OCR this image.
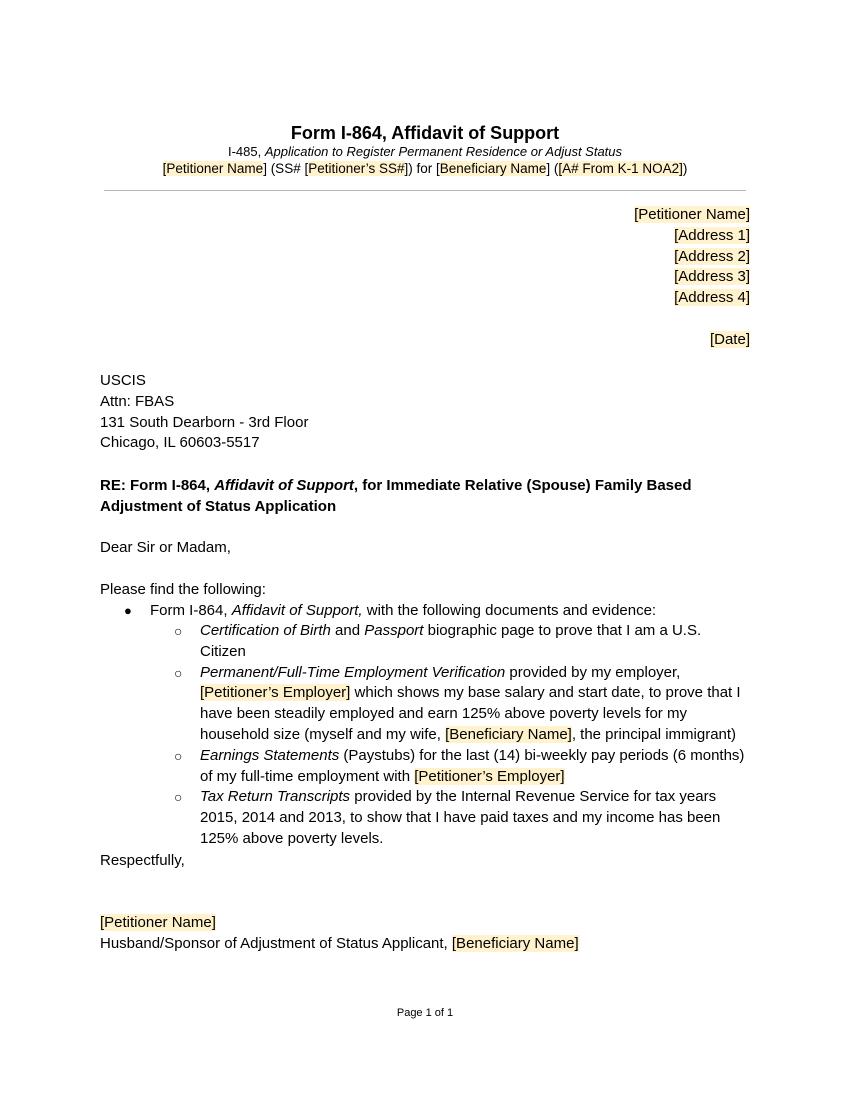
Form I-864, Affidavit of Support
I-485, Application to Register Permanent Residence or Adjust Status
[Petitioner Name] (SS# [Petitioner’s SS#]) for [Beneficiary Name] ([A# From K-1 NOA2])
[Petitioner Name]
[Address 1]
[Address 2]
[Address 3]
[Address 4]
[Date]
USCIS
Attn: FBAS
131 South Dearborn - 3rd Floor
Chicago, IL 60603-5517
RE: Form I-864, Affidavit of Support, for Immediate Relative (Spouse) Family Based Adjustment of Status Application
Dear Sir or Madam,
Please find the following:
● Form I-864, Affidavit of Support, with the following documents and evidence:
○ Certification of Birth and Passport biographic page to prove that I am a U.S. Citizen
○ Permanent/Full-Time Employment Verification provided by my employer, [Petitioner’s Employer] which shows my base salary and start date, to prove that I have been steadily employed and earn 125% above poverty levels for my household size (myself and my wife, [Beneficiary Name], the principal immigrant)
○ Earnings Statements (Paystubs) for the last (14) bi-weekly pay periods (6 months) of my full-time employment with [Petitioner’s Employer]
○ Tax Return Transcripts provided by the Internal Revenue Service for tax years 2015, 2014 and 2013, to show that I have paid taxes and my income has been 125% above poverty levels.
Respectfully,
[Petitioner Name]
Husband/Sponsor of Adjustment of Status Applicant, [Beneficiary Name]
Page 1 of 1
